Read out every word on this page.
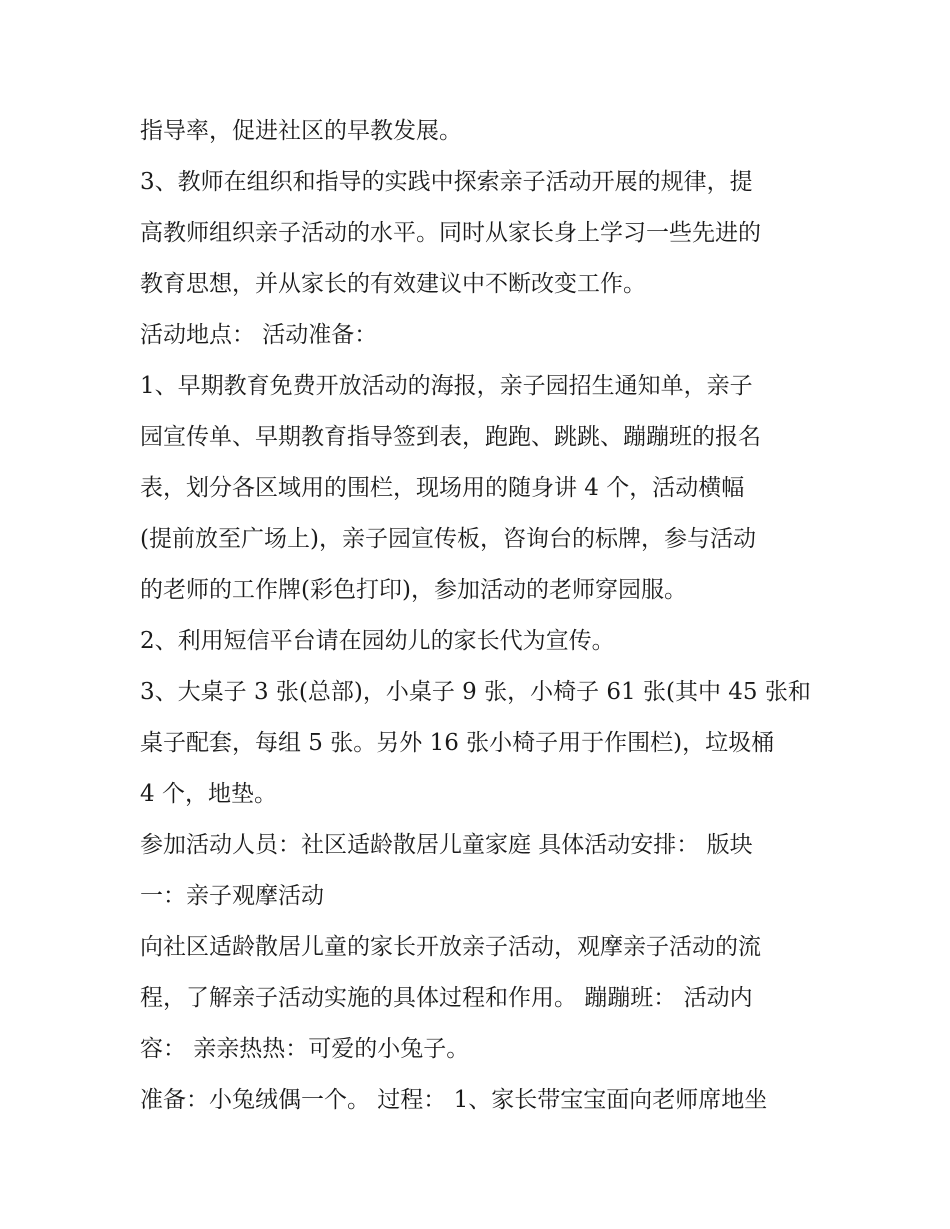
指导率，促进社区的早教发展。
3、教师在组织和指导的实践中探索亲子活动开展的规律，提
高教师组织亲子活动的水平。同时从家长身上学习一些先进的
教育思想，并从家长的有效建议中不断改变工作。
活动地点： 活动准备：
1、早期教育免费开放活动的海报，亲子园招生通知单，亲子
园宣传单、早期教育指导签到表，跑跑、跳跳、蹦蹦班的报名
表，划分各区域用的围栏，现场用的随身讲 4 个，活动横幅
(提前放至广场上)，亲子园宣传板，咨询台的标牌，参与活动
的老师的工作牌(彩色打印)，参加活动的老师穿园服。
2、利用短信平台请在园幼儿的家长代为宣传。
3、大桌子 3 张(总部)，小桌子 9 张，小椅子 61 张(其中 45 张和
桌子配套，每组 5 张。另外 16 张小椅子用于作围栏)，垃圾桶
4 个，地垫。
参加活动人员：社区适龄散居儿童家庭 具体活动安排： 版块
一：亲子观摩活动
向社区适龄散居儿童的家长开放亲子活动，观摩亲子活动的流
程，了解亲子活动实施的具体过程和作用。 蹦蹦班： 活动内
容： 亲亲热热：可爱的小兔子。
准备：小兔绒偶一个。 过程： 1、家长带宝宝面向老师席地坐
